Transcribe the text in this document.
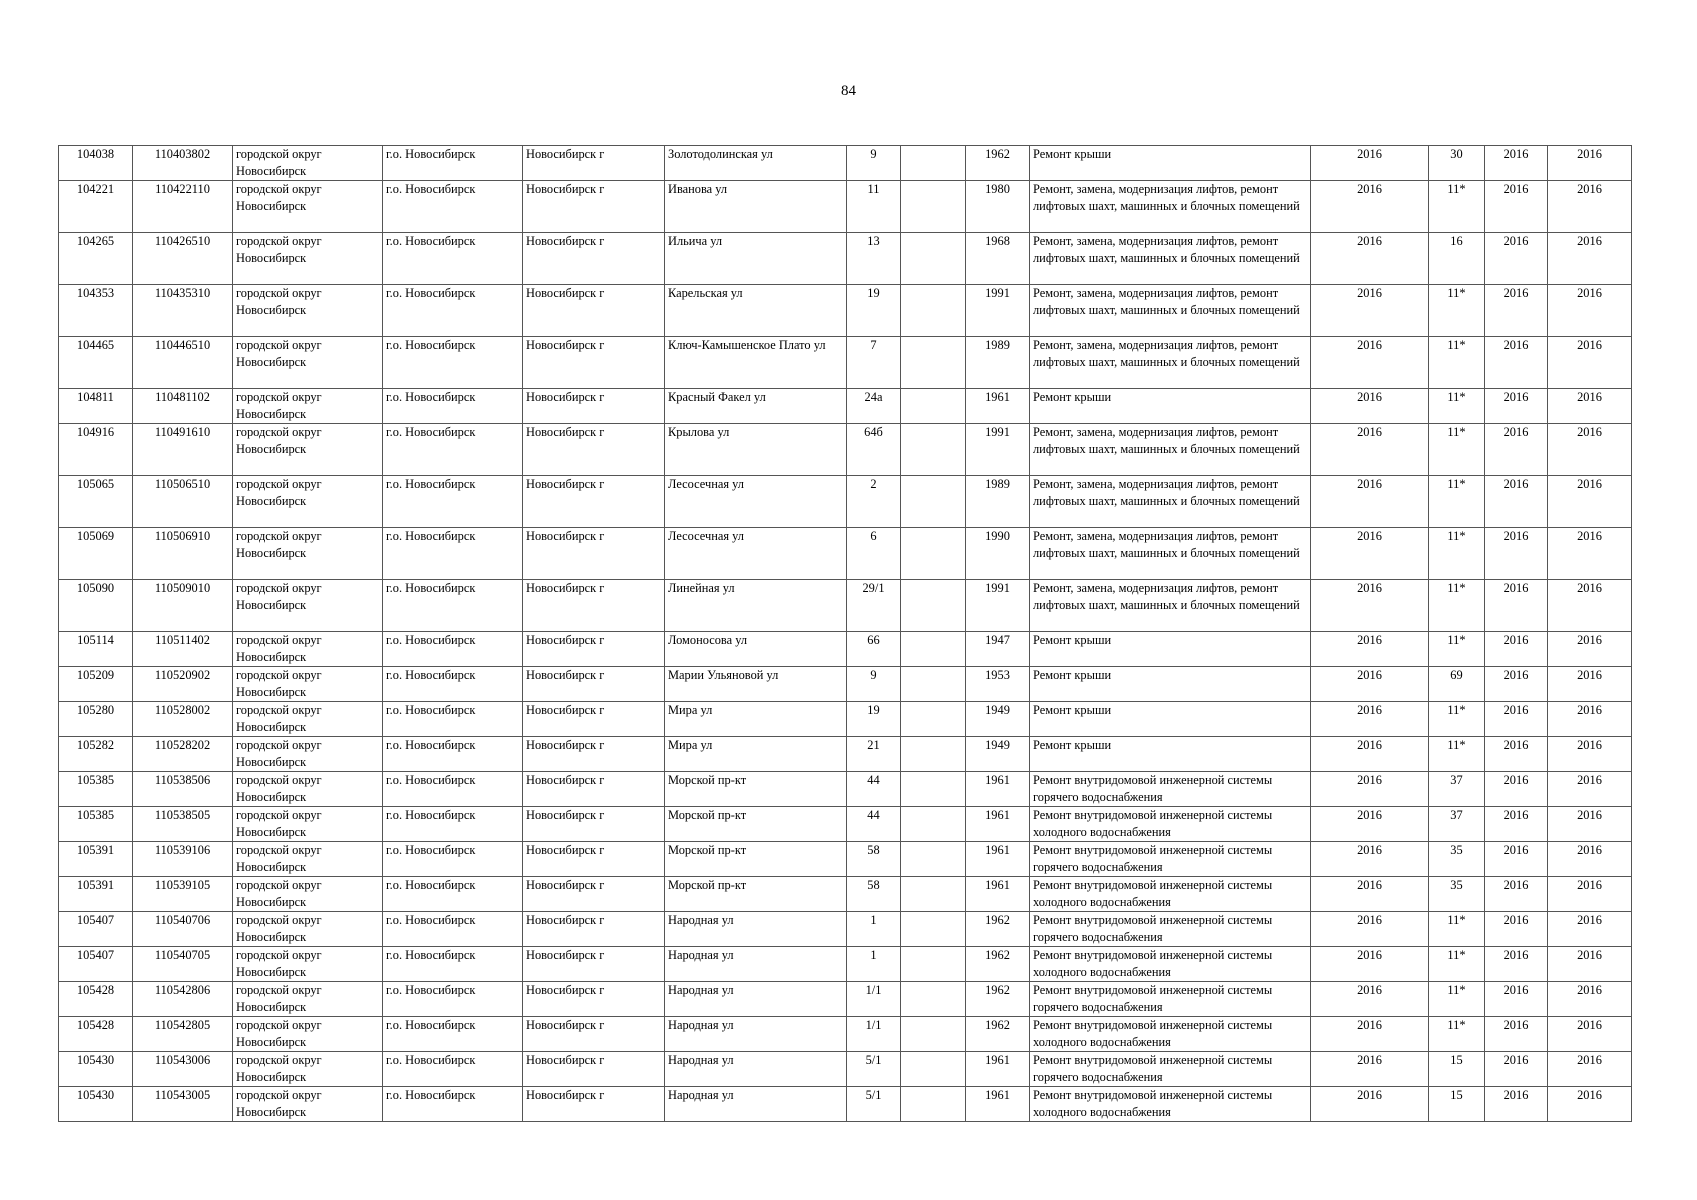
84
104038	110403802	городской округ Новосибирск	г.о. Новосибирск	Новосибирск г	Золотодолинская ул	9		1962	Ремонт крыши	2016	30	2016	2016
104221	110422110	городской округ Новосибирск	г.о. Новосибирск	Новосибирск г	Иванова ул	11		1980	Ремонт, замена, модернизация лифтов, ремонт лифтовых шахт, машинных и блочных помещений	2016	11*	2016	2016
104265	110426510	городской округ Новосибирск	г.о. Новосибирск	Новосибирск г	Ильича ул	13		1968	Ремонт, замена, модернизация лифтов, ремонт лифтовых шахт, машинных и блочных помещений	2016	16	2016	2016
104353	110435310	городской округ Новосибирск	г.о. Новосибирск	Новосибирск г	Карельская ул	19		1991	Ремонт, замена, модернизация лифтов, ремонт лифтовых шахт, машинных и блочных помещений	2016	11*	2016	2016
104465	110446510	городской округ Новосибирск	г.о. Новосибирск	Новосибирск г	Ключ-Камышенское Плато ул	7		1989	Ремонт, замена, модернизация лифтов, ремонт лифтовых шахт, машинных и блочных помещений	2016	11*	2016	2016
104811	110481102	городской округ Новосибирск	г.о. Новосибирск	Новосибирск г	Красный Факел ул	24а		1961	Ремонт крыши	2016	11*	2016	2016
104916	110491610	городской округ Новосибирск	г.о. Новосибирск	Новосибирск г	Крылова ул	64б		1991	Ремонт, замена, модернизация лифтов, ремонт лифтовых шахт, машинных и блочных помещений	2016	11*	2016	2016
105065	110506510	городской округ Новосибирск	г.о. Новосибирск	Новосибирск г	Лесосечная ул	2		1989	Ремонт, замена, модернизация лифтов, ремонт лифтовых шахт, машинных и блочных помещений	2016	11*	2016	2016
105069	110506910	городской округ Новосибирск	г.о. Новосибирск	Новосибирск г	Лесосечная ул	6		1990	Ремонт, замена, модернизация лифтов, ремонт лифтовых шахт, машинных и блочных помещений	2016	11*	2016	2016
105090	110509010	городской округ Новосибирск	г.о. Новосибирск	Новосибирск г	Линейная ул	29/1		1991	Ремонт, замена, модернизация лифтов, ремонт лифтовых шахт, машинных и блочных помещений	2016	11*	2016	2016
105114	110511402	городской округ Новосибирск	г.о. Новосибирск	Новосибирск г	Ломоносова ул	66		1947	Ремонт крыши	2016	11*	2016	2016
105209	110520902	городской округ Новосибирск	г.о. Новосибирск	Новосибирск г	Марии Ульяновой ул	9		1953	Ремонт крыши	2016	69	2016	2016
105280	110528002	городской округ Новосибирск	г.о. Новосибирск	Новосибирск г	Мира ул	19		1949	Ремонт крыши	2016	11*	2016	2016
105282	110528202	городской округ Новосибирск	г.о. Новосибирск	Новосибирск г	Мира ул	21		1949	Ремонт крыши	2016	11*	2016	2016
105385	110538506	городской округ Новосибирск	г.о. Новосибирск	Новосибирск г	Морской пр-кт	44		1961	Ремонт внутридомовой инженерной системы горячего водоснабжения	2016	37	2016	2016
105385	110538505	городской округ Новосибирск	г.о. Новосибирск	Новосибирск г	Морской пр-кт	44		1961	Ремонт внутридомовой инженерной системы холодного водоснабжения	2016	37	2016	2016
105391	110539106	городской округ Новосибирск	г.о. Новосибирск	Новосибирск г	Морской пр-кт	58		1961	Ремонт внутридомовой инженерной системы горячего водоснабжения	2016	35	2016	2016
105391	110539105	городской округ Новосибирск	г.о. Новосибирск	Новосибирск г	Морской пр-кт	58		1961	Ремонт внутридомовой инженерной системы холодного водоснабжения	2016	35	2016	2016
105407	110540706	городской округ Новосибирск	г.о. Новосибирск	Новосибирск г	Народная ул	1		1962	Ремонт внутридомовой инженерной системы горячего водоснабжения	2016	11*	2016	2016
105407	110540705	городской округ Новосибирск	г.о. Новосибирск	Новосибирск г	Народная ул	1		1962	Ремонт внутридомовой инженерной системы холодного водоснабжения	2016	11*	2016	2016
105428	110542806	городской округ Новосибирск	г.о. Новосибирск	Новосибирск г	Народная ул	1/1		1962	Ремонт внутридомовой инженерной системы горячего водоснабжения	2016	11*	2016	2016
105428	110542805	городской округ Новосибирск	г.о. Новосибирск	Новосибирск г	Народная ул	1/1		1962	Ремонт внутридомовой инженерной системы холодного водоснабжения	2016	11*	2016	2016
105430	110543006	городской округ Новосибирск	г.о. Новосибирск	Новосибирск г	Народная ул	5/1		1961	Ремонт внутридомовой инженерной системы горячего водоснабжения	2016	15	2016	2016
105430	110543005	городской округ Новосибирск	г.о. Новосибирск	Новосибирск г	Народная ул	5/1		1961	Ремонт внутридомовой инженерной системы холодного водоснабжения	2016	15	2016	2016
